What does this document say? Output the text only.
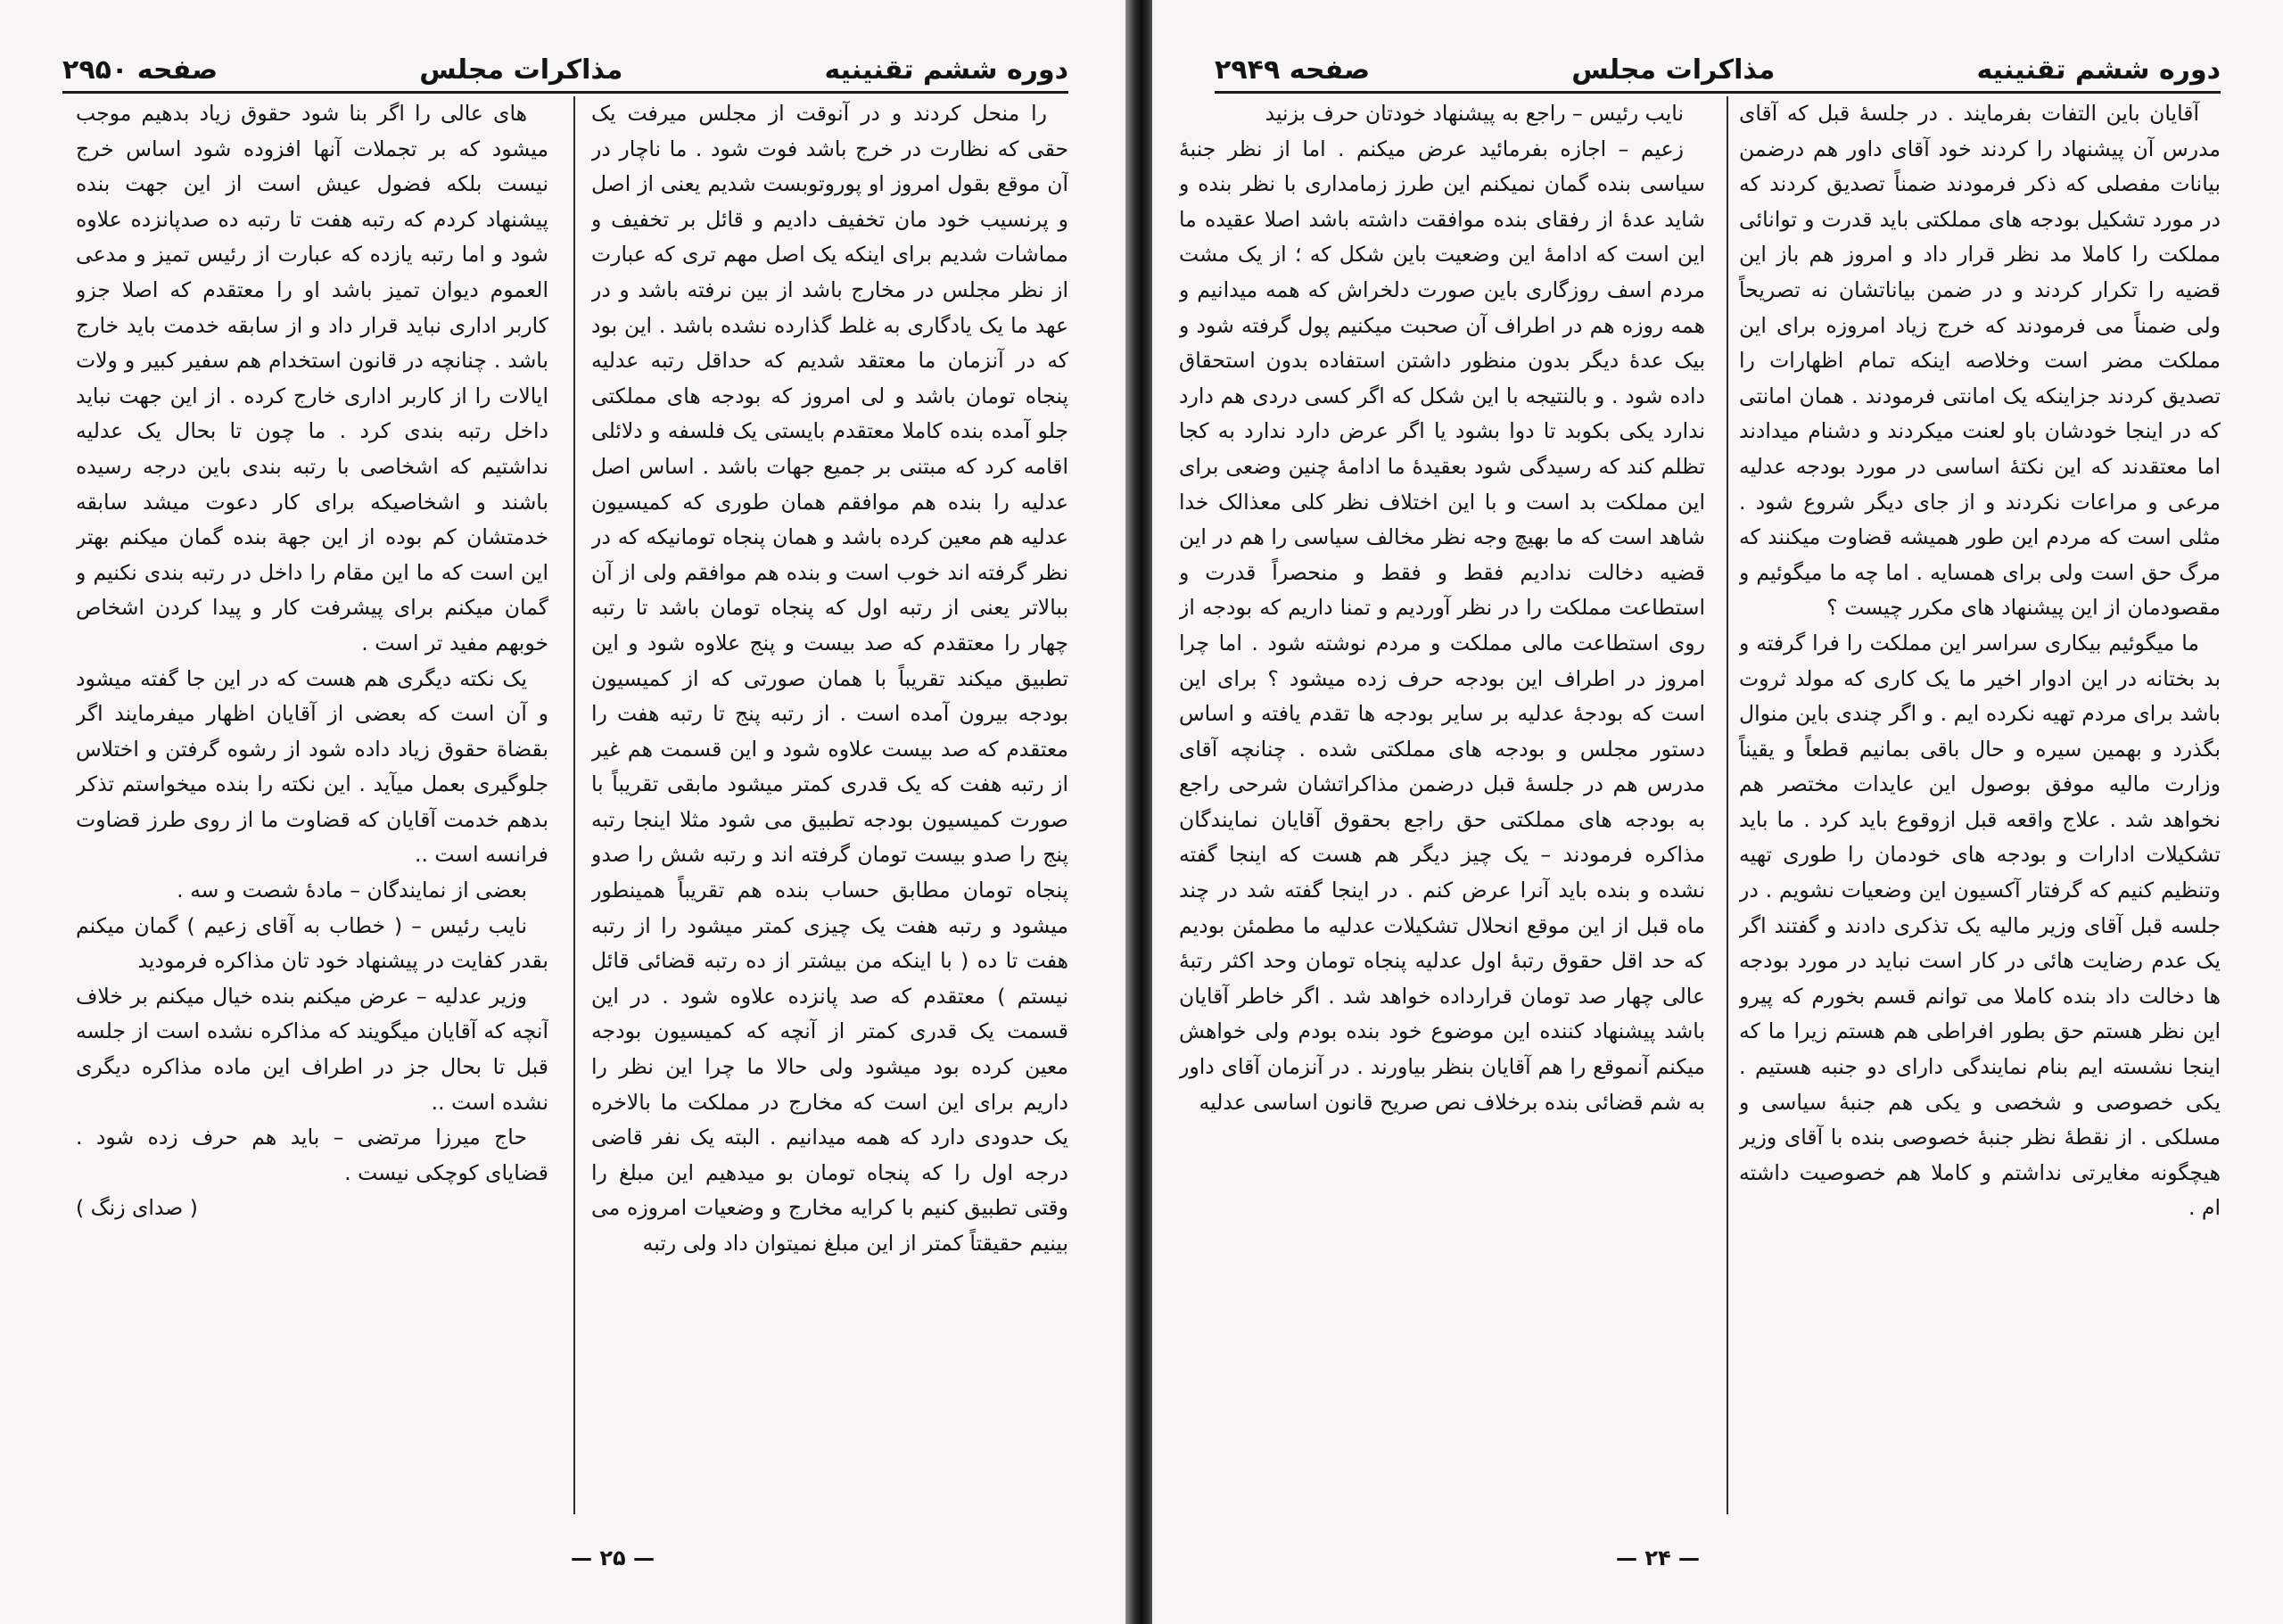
دوره ششم تقنینیه
مذاکرات مجلس
صفحه ۲۹۵۰

را منحل کردند و در آنوقت از مجلس میرفت یک حقی که نظارت در خرج باشد فوت شود . ما ناچار در آن موقع بقول امروز او پوروتوبست شدیم یعنی از اصل و پرنسیب خود مان تخفیف دادیم و قائل بر تخفیف و مماشات شدیم برای اینکه یک اصل مهم تری که عبارت از نظر مجلس در مخارج باشد از بین نرفته باشد و در عهد ما یک یادگاری به غلط گذارده نشده باشد . این بود که در آنزمان ما معتقد شدیم که حداقل رتبه عدلیه پنجاه تومان باشد و لی امروز که بودجه های مملکتی جلو آمده بنده کاملا معتقدم بایستی یک فلسفه و دلائلی اقامه کرد که مبتنی بر جمیع جهات باشد . اساس اصل عدلیه را بنده هم موافقم همان طوری که کمیسیون عدلیه هم معین کرده باشد و همان پنجاه تومانیکه که در نظر گرفته اند خوب است و بنده هم موافقم ولی از آن ببالاتر یعنی از رتبه اول که پنجاه تومان باشد تا رتبه چهار را معتقدم که صد بیست و پنج علاوه شود و این تطبیق میکند تقریباً با همان صورتی که از کمیسیون بودجه بیرون آمده است . از رتبه پنج تا رتبه هفت را معتقدم که صد بیست علاوه شود و این قسمت هم غیر از رتبه هفت که یک قدری کمتر میشود مابقی تقریباً با صورت کمیسیون بودجه تطبیق می شود مثلا اینجا رتبه پنج را صدو بیست تومان گرفته اند و رتبه شش را صدو پنجاه تومان مطابق حساب بنده هم تقریباً همینطور میشود و رتبه هفت یک چیزی کمتر میشود را از رتبه هفت تا ده ( با اینکه من بیشتر از ده رتبه قضائی قائل نیستم ) معتقدم که صد پانزده علاوه شود . در این قسمت یک قدری کمتر از آنچه که کمیسیون بودجه معین کرده بود میشود ولی حالا ما چرا این نظر را داریم برای این است که مخارج در مملکت ما بالاخره یک حدودی دارد که همه میدانیم . البته یک نفر قاضی درجه اول را که پنجاه تومان بو میدهیم این مبلغ را وقتی تطبیق کنیم با کرایه مخارج و وضعیات امروزه می بینیم حقیقتاً کمتر از این مبلغ نمیتوان داد ولی رتبه

های عالی را اگر بنا شود حقوق زیاد بدهیم موجب میشود که بر تجملات آنها افزوده شود اساس خرج نیست بلکه فضول عیش است از این جهت بنده پیشنهاد کردم که رتبه هفت تا رتبه ده صدپانزده علاوه شود و اما رتبه یازده که عبارت از رئیس تمیز و مدعی العموم دیوان تمیز باشد او را معتقدم که اصلا جزو کاربر اداری نباید قرار داد و از سابقه خدمت باید خارج باشد . چنانچه در قانون استخدام هم سفیر کبیر و ولات ایالات را از کاربر اداری خارج کرده . از این جهت نباید داخل رتبه بندی کرد . ما چون تا بحال یک عدلیه نداشتیم که اشخاصی با رتبه بندی باین درجه رسیده باشند و اشخاصیکه برای کار دعوت میشد سابقه خدمتشان کم بوده از این جهة بنده گمان میکنم بهتر این است که ما این مقام را داخل در رتبه بندی نکنیم و گمان میکنم برای پیشرفت کار و پیدا کردن اشخاص خوبهم مفید تر است .

یک نکته دیگری هم هست که در این جا گفته میشود و آن است که بعضی از آقایان اظهار میفرمایند اگر بقضاة حقوق زیاد داده شود از رشوه گرفتن و اختلاس جلوگیری بعمل میآید . این نکته را بنده میخواستم تذکر بدهم خدمت آقایان که قضاوت ما از روی طرز قضاوت فرانسه است ..

بعضی از نمایندگان – مادهٔ شصت و سه .

نایب رئیس – ( خطاب به آقای زعیم ) گمان میکنم بقدر کفایت در پیشنهاد خود تان مذاکره فرمودید

وزیر عدلیه – عرض میکنم بنده خیال میکنم بر خلاف آنچه که آقایان میگویند که مذاکره نشده است از جلسه قبل تا بحال جز در اطراف این ماده مذاکره دیگری نشده است ..

حاج میرزا مرتضی – باید هم حرف زده شود . قضایای کوچکی نیست .

( صدای زنگ )

— ۲۵ —
دوره ششم تقنینیه
مذاکرات مجلس
صفحه ۲۹۴۹

آقایان باین التفات بفرمایند . در جلسهٔ قبل که آقای مدرس آن پیشنهاد را کردند خود آقای داور هم درضمن بیانات مفصلی که ذکر فرمودند ضمناً تصدیق کردند که در مورد تشکیل بودجه های مملکتی باید قدرت و توانائی مملکت را کاملا مد نظر قرار داد و امروز هم باز این قضیه را تکرار کردند و در ضمن بیاناتشان نه تصریحاً ولی ضمناً می فرمودند که خرج زیاد امروزه برای این مملکت مضر است وخلاصه اینکه تمام اظهارات را تصدیق کردند جزاینکه یک امانتی فرمودند . همان امانتی که در اینجا خودشان باو لعنت میکردند و دشنام میدادند اما معتقدند که این نکتهٔ اساسی در مورد بودجه عدلیه مرعی و مراعات نکردند و از جای دیگر شروع شود . مثلی است که مردم این طور همیشه قضاوت میکنند که مرگ حق است ولی برای همسایه . اما چه ما میگوئیم و مقصودمان از این پیشنهاد های مکرر چیست ؟

ما میگوئیم بیکاری سراسر این مملکت را فرا گرفته و بد بختانه در این ادوار اخیر ما یک کاری که مولد ثروت باشد برای مردم تهیه نکرده ایم . و اگر چندی باین منوال بگذرد و بهمین سیره و حال باقی بمانیم قطعاً و یقیناً وزارت مالیه موفق بوصول این عایدات مختصر هم نخواهد شد . علاج واقعه قبل ازوقوع باید کرد . ما باید تشکیلات ادارات و بودجه های خودمان را طوری تهیه وتنظیم کنیم که گرفتار آکسیون این وضعیات نشویم . در جلسه قبل آقای وزیر مالیه یک تذکری دادند و گفتند اگر یک عدم رضایت هائی در کار است نباید در مورد بودجه ها دخالت داد بنده کاملا می توانم قسم بخورم که پیرو این نظر هستم حق بطور افراطی هم هستم زیرا ما که اینجا نشسته ایم بنام نمایندگی دارای دو جنبه هستیم . یکی خصوصی و شخصی و یکی هم جنبهٔ سیاسی و مسلکی . از نقطهٔ نظر جنبهٔ خصوصی بنده با آقای وزیر هیچگونه مغایرتی نداشتم و کاملا هم خصوصیت داشته ام .

نایب رئیس – راجع به پیشنهاد خودتان حرف بزنید

زعیم – اجازه بفرمائید عرض میکنم . اما از نظر جنبهٔ سیاسی بنده گمان نمیکنم این طرز زمامداری با نظر بنده و شاید عدهٔ از رفقای بنده موافقت داشته باشد اصلا عقیده ما این است که ادامهٔ این وضعیت باین شکل که ؛ از یک مشت مردم اسف روزگاری باین صورت دلخراش که همه میدانیم و همه روزه هم در اطراف آن صحبت میکنیم پول گرفته شود و بیک عدهٔ دیگر بدون منظور داشتن استفاده بدون استحقاق داده شود . و بالنتیجه با این شکل که اگر کسی دردی هم دارد ندارد یکی بکوبد تا دوا بشود یا اگر عرض دارد ندارد به کجا تظلم کند که رسیدگی شود بعقیدهٔ ما ادامهٔ چنین وضعی برای این مملکت بد است و با این اختلاف نظر کلی معذالک خدا شاهد است که ما بهیچ وجه نظر مخالف سیاسی را هم در این قضیه دخالت ندادیم فقط و فقط و منحصراً قدرت و استطاعت مملکت را در نظر آوردیم و تمنا داریم که بودجه از روی استطاعت مالی مملکت و مردم نوشته شود . اما چرا امروز در اطراف این بودجه حرف زده میشود ؟ برای این است که بودجهٔ عدلیه بر سایر بودجه ها تقدم یافته و اساس دستور مجلس و بودجه های مملکتی شده . چنانچه آقای مدرس هم در جلسهٔ قبل درضمن مذاکراتشان شرحی راجع به بودجه های مملکتی حق راجع بحقوق آقایان نمایندگان مذاکره فرمودند – یک چیز دیگر هم هست که اینجا گفته نشده و بنده باید آنرا عرض کنم . در اینجا گفته شد در چند ماه قبل از این موقع انحلال تشکیلات عدلیه ما مطمئن بودیم که حد اقل حقوق رتبهٔ اول عدلیه پنجاه تومان وحد اکثر رتبهٔ عالی چهار صد تومان قرارداده خواهد شد . اگر خاطر آقایان باشد پیشنهاد کننده این موضوع خود بنده بودم ولی خواهش میکنم آنموقع را هم آقایان بنظر بیاورند . در آنزمان آقای داور به شم قضائی بنده برخلاف نص صریح قانون اساسی عدلیه

— ۲۴ —
